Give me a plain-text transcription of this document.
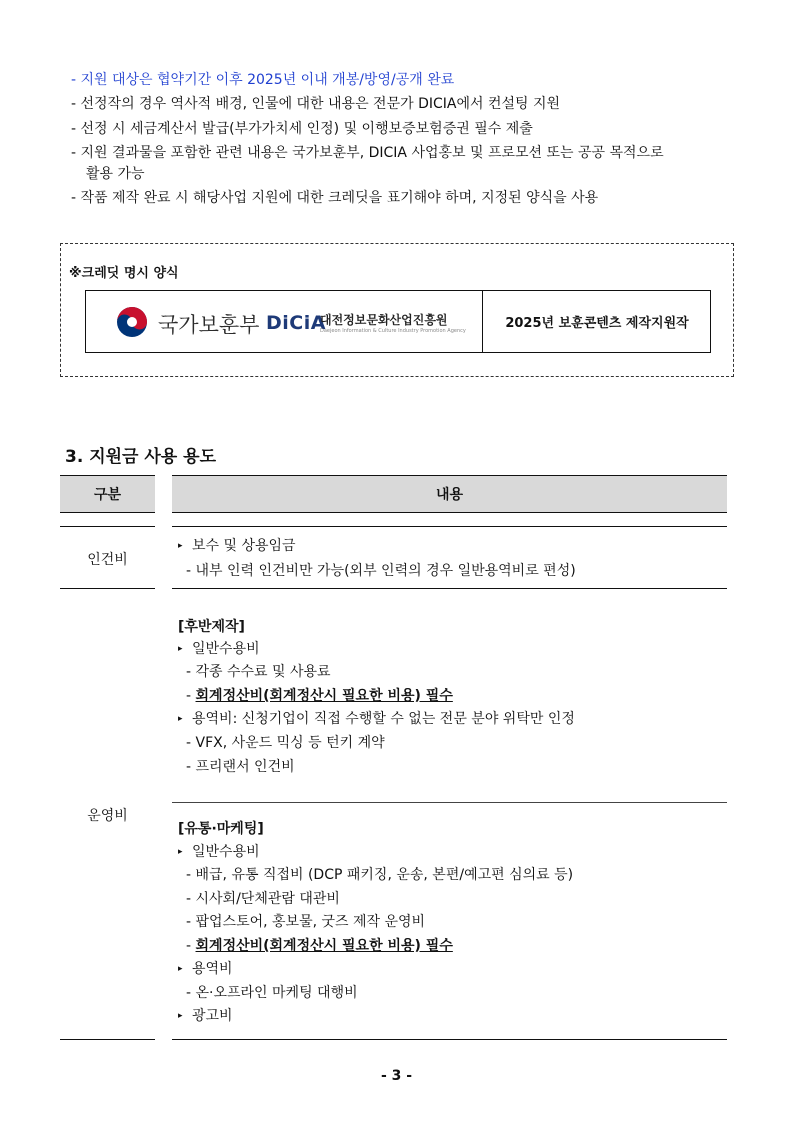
- 지원 대상은 협약기간 이후 2025년 이내 개봉/방영/공개 완료
- 선정작의 경우 역사적 배경, 인물에 대한 내용은 전문가 DICIA에서 컨설팅 지원
- 선정 시 세금계산서 발급(부가가치세 인정) 및 이행보증보험증권 필수 제출
- 지원 결과물을 포함한 관련 내용은 국가보훈부, DICIA 사업홍보 및 프로모션 또는 공공 목적으로
활용 가능
- 작품 제작 완료 시 해당사업 지원에 대한 크레딧을 표기해야 하며, 지정된 양식을 사용
※크레딧 명시 양식
국가보훈부 DiCiA
대전정보문화산업진흥원
Daejeon Information & Culture Industry Promotion Agency	2025년 보훈콘텐츠 제작지원작
3. 지원금 사용 용도
구분	내용
인건비
▸ 보수 및 상용임금
- 내부 인력 인건비만 가능(외부 인력의 경우 일반용역비로 편성)
운영비
[후반제작]
▸ 일반수용비
- 각종 수수료 및 사용료
- 회계정산비(회계정산시 필요한 비용) 필수
▸ 용역비: 신청기업이 직접 수행할 수 없는 전문 분야 위탁만 인정
- VFX, 사운드 믹싱 등 턴키 계약
- 프리랜서 인건비
[유통·마케팅]
▸ 일반수용비
- 배급, 유통 직접비 (DCP 패키징, 운송, 본편/예고편 심의료 등)
- 시사회/단체관람 대관비
- 팝업스토어, 홍보물, 굿즈 제작 운영비
- 회계정산비(회계정산시 필요한 비용) 필수
▸ 용역비
- 온·오프라인 마케팅 대행비
▸ 광고비
- 3 -
